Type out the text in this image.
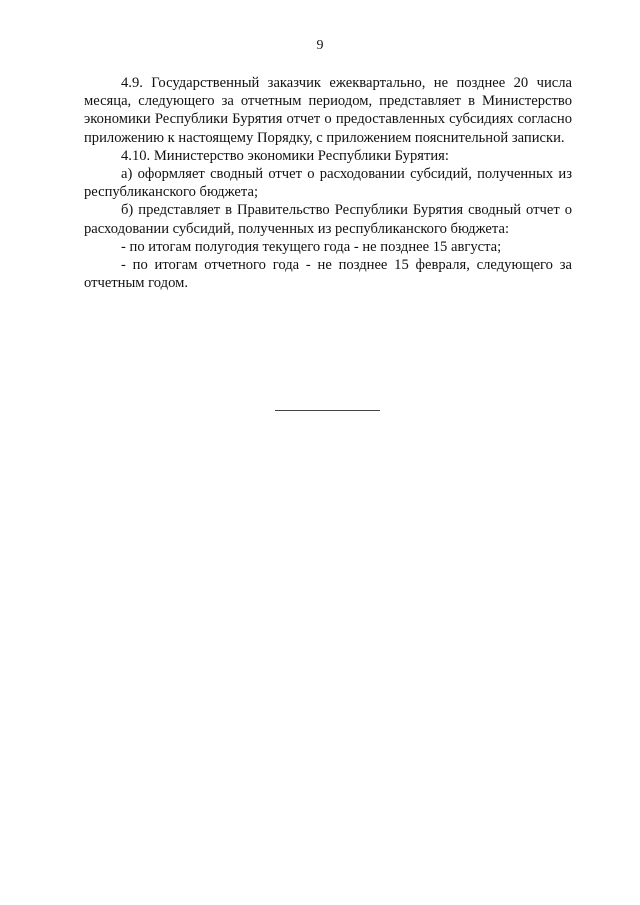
9

4.9. Государственный заказчик ежеквартально, не позднее 20 числа месяца, следующего за отчетным периодом, представляет в Министерство экономики Республики Бурятия отчет о предоставленных субсидиях согласно приложению к настоящему Порядку, с приложением пояснительной записки.

4.10. Министерство экономики Республики Бурятия:

а) оформляет сводный отчет о расходовании субсидий, полученных из республиканского бюджета;

б) представляет в Правительство Республики Бурятия сводный отчет о расходовании субсидий, полученных из республиканского бюджета:

- по итогам полугодия текущего года - не позднее 15 августа;

- по итогам отчетного года - не позднее 15 февраля, следующего за отчетным годом.
